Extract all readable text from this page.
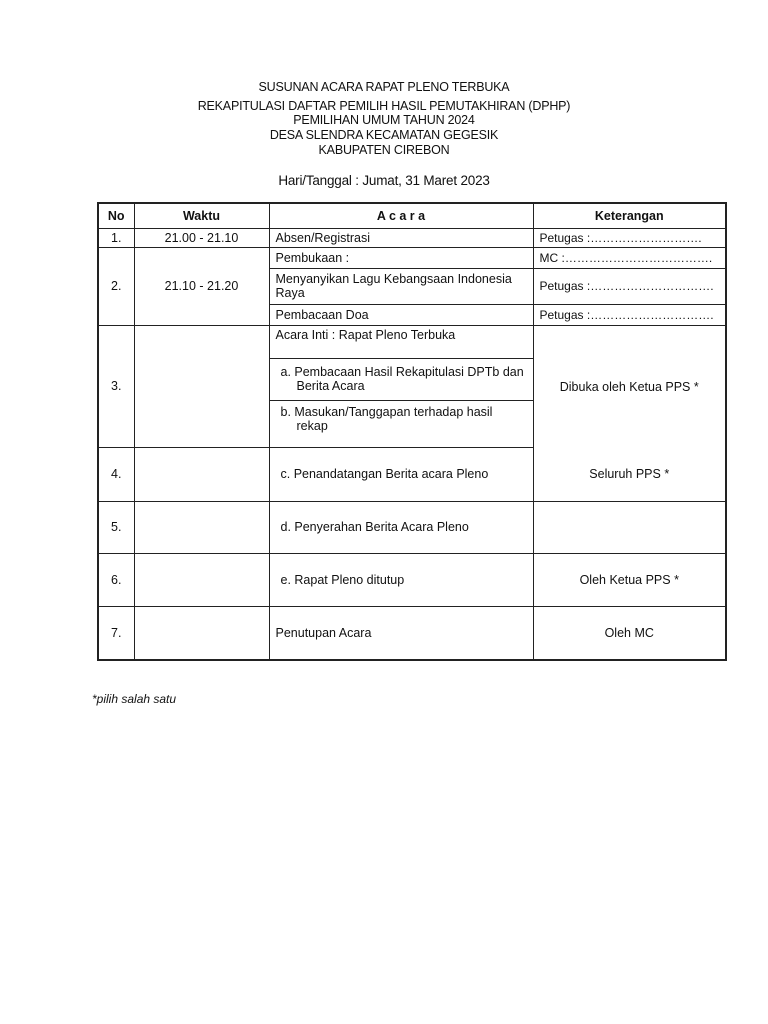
SUSUNAN ACARA RAPAT PLENO TERBUKA
REKAPITULASI DAFTAR PEMILIH HASIL PEMUTAKHIRAN (DPHP)
PEMILIHAN UMUM TAHUN 2024
DESA SLENDRA KECAMATAN GEGESIK
KABUPATEN CIREBON
Hari/Tanggal : Jumat, 31 Maret 2023
No	Waktu	A c a r a	Keterangan
1.	21.00 - 21.10	Absen/Registrasi	Petugas :……………………….
2.	21.10 - 21.20	Pembukaan :	MC :……………………………….
		Menyanyikan Lagu Kebangsaan Indonesia Raya	Petugas :………………………….
		Pembacaan Doa	Petugas :………………………….
3.		Acara Inti : Rapat Pleno Terbuka	Dibuka oleh Ketua PPS *
		a. Pembacaan Hasil Rekapitulasi DPTb dan Berita Acara	
		b. Masukan/Tanggapan terhadap hasil rekap	
4.		c. Penandatangan Berita acara Pleno	Seluruh PPS *
5.		d. Penyerahan Berita Acara Pleno	
6.		e. Rapat Pleno ditutup	Oleh Ketua PPS *
7.		Penutupan Acara	Oleh MC
*pilih salah satu
